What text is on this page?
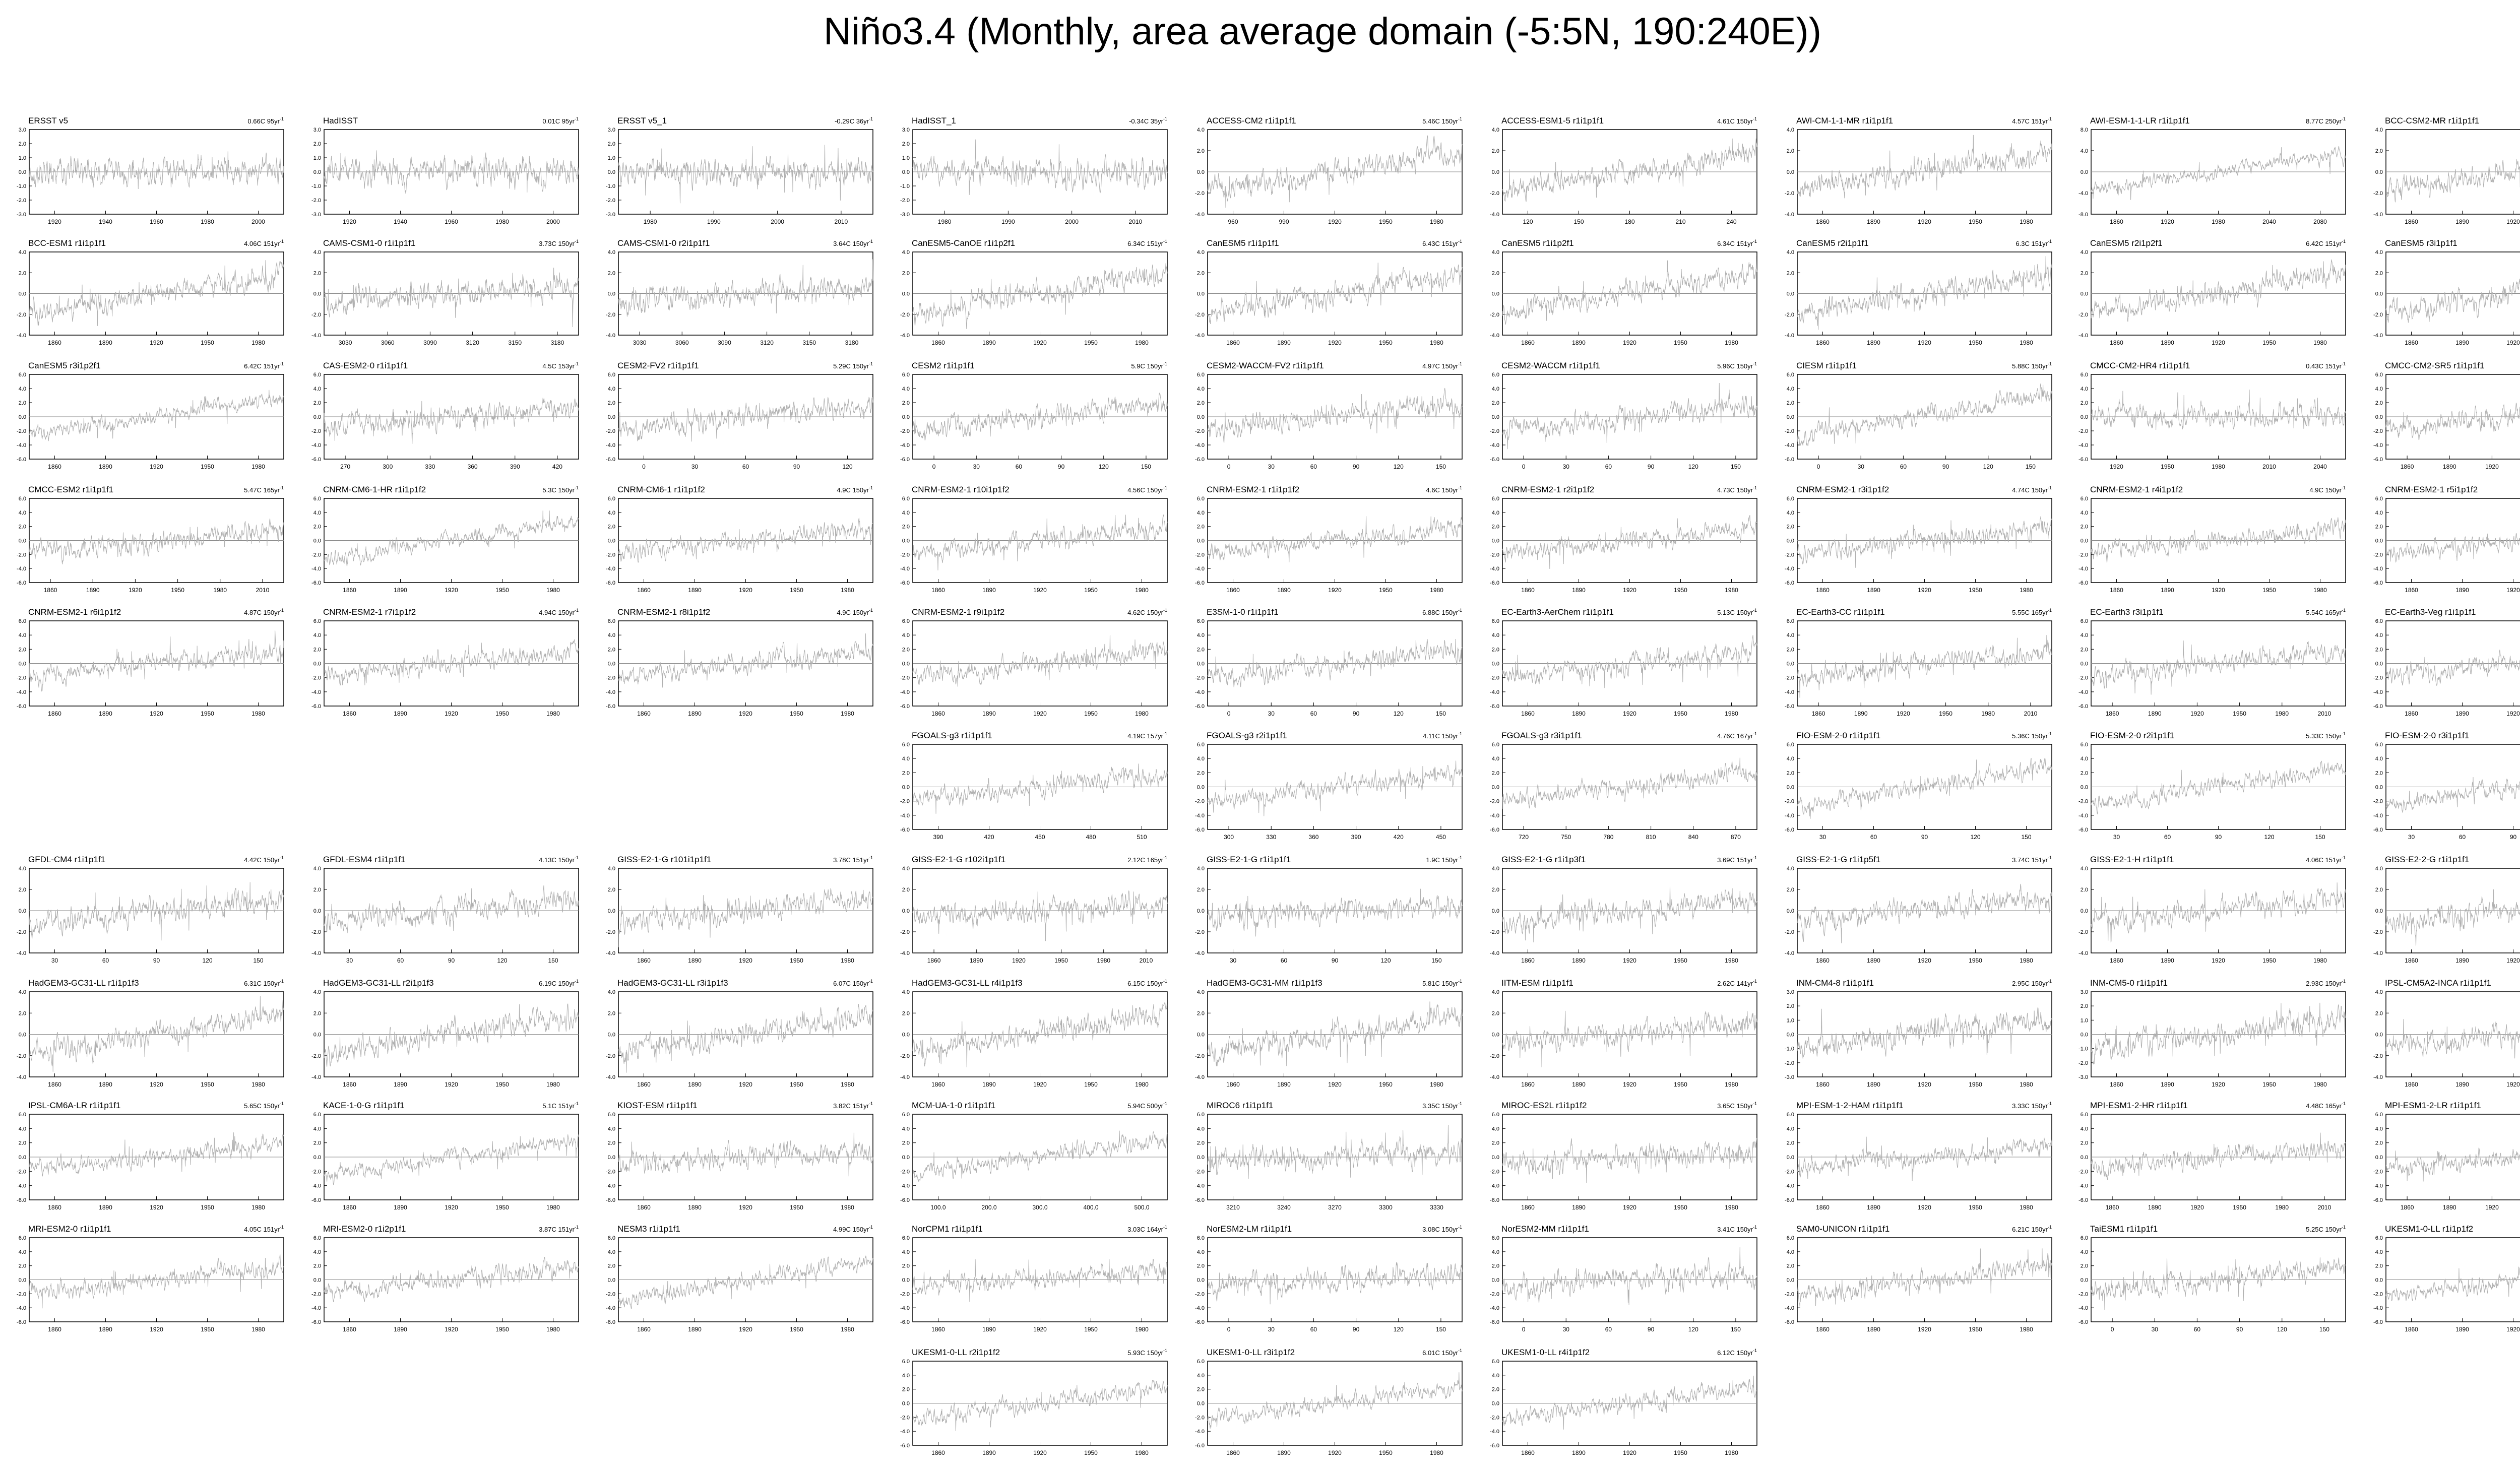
Niño3.4 (Monthly, area average domain (-5:5N, 190:240E))
ERSST v5	0.66C $95yr^{-1}$
3.0
2.0
1.0
0.0
-1.0
-2.0
-3.0
1920	1940	1960	1980	2000
HadISST	0.01C $95yr^{-1}$
3.0
2.0
1.0
0.0
-1.0
-2.0
-3.0
1920	1940	1960	1980	2000
ERSST v5_1	-0.29C $36yr^{-1}$
3.0
2.0
1.0
0.0
-1.0
-2.0
-3.0
1980	1990	2000	2010
HadISST_1	-0.34C $35yr^{-1}$
3.0
2.0
1.0
0.0
-1.0
-2.0
-3.0
1980	1990	2000	2010
ACCESS-CM2 r1i1p1f1	5.46C $150yr^{-1}$
4.0
2.0
0.0
-2.0
-4.0
960	990	1920	1950	1980
ACCESS-ESM1-5 r1i1p1f1	4.61C $150yr^{-1}$
4.0
2.0
0.0
-2.0
-4.0
120	150	180	210	240
AWI-CM-1-1-MR r1i1p1f1	4.57C $151yr^{-1}$
4.0
2.0
0.0
-2.0
-4.0
1860	1890	1920	1950	1980
AWI-ESM-1-1-LR r1i1p1f1	8.77C $250yr^{-1}$
8.0
4.0
0.0
-4.0
-8.0
1860	1920	1980	2040	2080
BCC-CSM2-MR r1i1p1f1
4.0
2.0
0.0
-2.0
-4.0
1860	1890	1920
BCC-ESM1 r1i1p1f1	4.06C $151yr^{-1}$
4.0
2.0
0.0
-2.0
-4.0
1860	1890	1920	1950	1980
CAMS-CSM1-0 r1i1p1f1	3.73C $150yr^{-1}$
4.0
2.0
0.0
-2.0
-4.0
3030	3060	3090	3120	3150	3180
CAMS-CSM1-0 r2i1p1f1	3.64C $150yr^{-1}$
4.0
2.0
0.0
-2.0
-4.0
3030	3060	3090	3120	3150	3180
CanESM5-CanOE r1i1p2f1	6.34C $151yr^{-1}$
4.0
2.0
0.0
-2.0
-4.0
1860	1890	1920	1950	1980
CanESM5 r1i1p1f1	6.43C $151yr^{-1}$
4.0
2.0
0.0
-2.0
-4.0
1860	1890	1920	1950	1980
CanESM5 r1i1p2f1	6.34C $151yr^{-1}$
4.0
2.0
0.0
-2.0
-4.0
1860	1890	1920	1950	1980
CanESM5 r2i1p1f1	6.3C $151yr^{-1}$
4.0
2.0
0.0
-2.0
-4.0
1860	1890	1920	1950	1980
CanESM5 r2i1p2f1	6.42C $151yr^{-1}$
4.0
2.0
0.0
-2.0
-4.0
1860	1890	1920	1950	1980
CanESM5 r3i1p1f1
4.0
2.0
0.0
-2.0
-4.0
1860	1890	1920
CanESM5 r3i1p2f1	6.42C $151yr^{-1}$
6.0
4.0
2.0
0.0
-2.0
-4.0
-6.0
1860	1890	1920	1950	1980
CAS-ESM2-0 r1i1p1f1	4.5C $153yr^{-1}$
6.0
4.0
2.0
0.0
-2.0
-4.0
-6.0
270	300	330	360	390	420
CESM2-FV2 r1i1p1f1	5.29C $150yr^{-1}$
6.0
4.0
2.0
0.0
-2.0
-4.0
-6.0
0	30	60	90	120
CESM2 r1i1p1f1	5.9C $150yr^{-1}$
6.0
4.0
2.0
0.0
-2.0
-4.0
-6.0
0	30	60	90	120	150
CESM2-WACCM-FV2 r1i1p1f1	4.97C $150yr^{-1}$
6.0
4.0
2.0
0.0
-2.0
-4.0
-6.0
0	30	60	90	120	150
CESM2-WACCM r1i1p1f1	5.96C $150yr^{-1}$
6.0
4.0
2.0
0.0
-2.0
-4.0
-6.0
0	30	60	90	120	150
CIESM r1i1p1f1	5.88C $150yr^{-1}$
6.0
4.0
2.0
0.0
-2.0
-4.0
-6.0
0	30	60	90	120	150
CMCC-CM2-HR4 r1i1p1f1	0.43C $151yr^{-1}$
6.0
4.0
2.0
0.0
-2.0
-4.0
-6.0
1920	1950	1980	2010	2040
CMCC-CM2-SR5 r1i1p1f1
6.0
4.0
2.0
0.0
-2.0
-4.0
-6.0
1860	1890	1920
CMCC-ESM2 r1i1p1f1	5.47C $165yr^{-1}$
6.0
4.0
2.0
0.0
-2.0
-4.0
-6.0
1860	1890	1920	1950	1980	2010
CNRM-CM6-1-HR r1i1p1f2	5.3C $150yr^{-1}$
6.0
4.0
2.0
0.0
-2.0
-4.0
-6.0
1860	1890	1920	1950	1980
CNRM-CM6-1 r1i1p1f2	4.9C $150yr^{-1}$
6.0
4.0
2.0
0.0
-2.0
-4.0
-6.0
1860	1890	1920	1950	1980
CNRM-ESM2-1 r10i1p1f2	4.56C $150yr^{-1}$
6.0
4.0
2.0
0.0
-2.0
-4.0
-6.0
1860	1890	1920	1950	1980
CNRM-ESM2-1 r1i1p1f2	4.6C $150yr^{-1}$
6.0
4.0
2.0
0.0
-2.0
-4.0
-6.0
1860	1890	1920	1950	1980
CNRM-ESM2-1 r2i1p1f2	4.73C $150yr^{-1}$
6.0
4.0
2.0
0.0
-2.0
-4.0
-6.0
1860	1890	1920	1950	1980
CNRM-ESM2-1 r3i1p1f2	4.74C $150yr^{-1}$
6.0
4.0
2.0
0.0
-2.0
-4.0
-6.0
1860	1890	1920	1950	1980
CNRM-ESM2-1 r4i1p1f2	4.9C $150yr^{-1}$
6.0
4.0
2.0
0.0
-2.0
-4.0
-6.0
1860	1890	1920	1950	1980
CNRM-ESM2-1 r5i1p1f2
6.0
4.0
2.0
0.0
-2.0
-4.0
-6.0
1860	1890	1920
CNRM-ESM2-1 r6i1p1f2	4.87C $150yr^{-1}$
6.0
4.0
2.0
0.0
-2.0
-4.0
-6.0
1860	1890	1920	1950	1980
CNRM-ESM2-1 r7i1p1f2	4.94C $150yr^{-1}$
6.0
4.0
2.0
0.0
-2.0
-4.0
-6.0
1860	1890	1920	1950	1980
CNRM-ESM2-1 r8i1p1f2	4.9C $150yr^{-1}$
6.0
4.0
2.0
0.0
-2.0
-4.0
-6.0
1860	1890	1920	1950	1980
CNRM-ESM2-1 r9i1p1f2	4.62C $150yr^{-1}$
6.0
4.0
2.0
0.0
-2.0
-4.0
-6.0
1860	1890	1920	1950	1980
E3SM-1-0 r1i1p1f1	6.88C $150yr^{-1}$
6.0
4.0
2.0
0.0
-2.0
-4.0
-6.0
0	30	60	90	120	150
EC-Earth3-AerChem r1i1p1f1	5.13C $150yr^{-1}$
6.0
4.0
2.0
0.0
-2.0
-4.0
-6.0
1860	1890	1920	1950	1980
EC-Earth3-CC r1i1p1f1	5.55C $165yr^{-1}$
6.0
4.0
2.0
0.0
-2.0
-4.0
-6.0
1860	1890	1920	1950	1980	2010
EC-Earth3 r3i1p1f1	5.54C $165yr^{-1}$
6.0
4.0
2.0
0.0
-2.0
-4.0
-6.0
1860	1890	1920	1950	1980	2010
EC-Earth3-Veg r1i1p1f1
6.0
4.0
2.0
0.0
-2.0
-4.0
-6.0
1860	1890	1920
FGOALS-g3 r1i1p1f1	4.19C $157yr^{-1}$
6.0
4.0
2.0
0.0
-2.0
-4.0
-6.0
390	420	450	480	510
FGOALS-g3 r2i1p1f1	4.11C $150yr^{-1}$
6.0
4.0
2.0
0.0
-2.0
-4.0
-6.0
300	330	360	390	420	450
FGOALS-g3 r3i1p1f1	4.76C $167yr^{-1}$
6.0
4.0
2.0
0.0
-2.0
-4.0
-6.0
720	750	780	810	840	870
FIO-ESM-2-0 r1i1p1f1	5.36C $150yr^{-1}$
6.0
4.0
2.0
0.0
-2.0
-4.0
-6.0
30	60	90	120	150
FIO-ESM-2-0 r2i1p1f1	5.33C $150yr^{-1}$
6.0
4.0
2.0
0.0
-2.0
-4.0
-6.0
30	60	90	120	150
FIO-ESM-2-0 r3i1p1f1
6.0
4.0
2.0
0.0
-2.0
-4.0
-6.0
30	60	90
GFDL-CM4 r1i1p1f1	4.42C $150yr^{-1}$
4.0
2.0
0.0
-2.0
-4.0
30	60	90	120	150
GFDL-ESM4 r1i1p1f1	4.13C $150yr^{-1}$
4.0
2.0
0.0
-2.0
-4.0
30	60	90	120	150
GISS-E2-1-G r101i1p1f1	3.78C $151yr^{-1}$
4.0
2.0
0.0
-2.0
-4.0
1860	1890	1920	1950	1980
GISS-E2-1-G r102i1p1f1	2.12C $165yr^{-1}$
4.0
2.0
0.0
-2.0
-4.0
1860	1890	1920	1950	1980	2010
GISS-E2-1-G r1i1p1f1	1.9C $150yr^{-1}$
4.0
2.0
0.0
-2.0
-4.0
30	60	90	120	150
GISS-E2-1-G r1i1p3f1	3.69C $151yr^{-1}$
4.0
2.0
0.0
-2.0
-4.0
1860	1890	1920	1950	1980
GISS-E2-1-G r1i1p5f1	3.74C $151yr^{-1}$
4.0
2.0
0.0
-2.0
-4.0
1860	1890	1920	1950	1980
GISS-E2-1-H r1i1p1f1	4.06C $151yr^{-1}$
4.0
2.0
0.0
-2.0
-4.0
1860	1890	1920	1950	1980
GISS-E2-2-G r1i1p1f1
4.0
2.0
0.0
-2.0
-4.0
1860	1890	1920
HadGEM3-GC31-LL r1i1p1f3	6.31C $150yr^{-1}$
4.0
2.0
0.0
-2.0
-4.0
1860	1890	1920	1950	1980
HadGEM3-GC31-LL r2i1p1f3	6.19C $150yr^{-1}$
4.0
2.0
0.0
-2.0
-4.0
1860	1890	1920	1950	1980
HadGEM3-GC31-LL r3i1p1f3	6.07C $150yr^{-1}$
4.0
2.0
0.0
-2.0
-4.0
1860	1890	1920	1950	1980
HadGEM3-GC31-LL r4i1p1f3	6.15C $150yr^{-1}$
4.0
2.0
0.0
-2.0
-4.0
1860	1890	1920	1950	1980
HadGEM3-GC31-MM r1i1p1f3	5.81C $150yr^{-1}$
4.0
2.0
0.0
-2.0
-4.0
1860	1890	1920	1950	1980
IITM-ESM r1i1p1f1	2.62C $141yr^{-1}$
4.0
2.0
0.0
-2.0
-4.0
1860	1890	1920	1950	1980
INM-CM4-8 r1i1p1f1	2.95C $150yr^{-1}$
3.0
2.0
1.0
0.0
-1.0
-2.0
-3.0
1860	1890	1920	1950	1980
INM-CM5-0 r1i1p1f1	2.93C $150yr^{-1}$
3.0
2.0
1.0
0.0
-1.0
-2.0
-3.0
1860	1890	1920	1950	1980
IPSL-CM5A2-INCA r1i1p1f1
4.0
2.0
0.0
-2.0
-4.0
1860	1890	1920
IPSL-CM6A-LR r1i1p1f1	5.65C $150yr^{-1}$
6.0
4.0
2.0
0.0
-2.0
-4.0
-6.0
1860	1890	1920	1950	1980
KACE-1-0-G r1i1p1f1	5.1C $151yr^{-1}$
6.0
4.0
2.0
0.0
-2.0
-4.0
-6.0
1860	1890	1920	1950	1980
KIOST-ESM r1i1p1f1	3.82C $151yr^{-1}$
6.0
4.0
2.0
0.0
-2.0
-4.0
-6.0
1860	1890	1920	1950	1980
MCM-UA-1-0 r1i1p1f1	5.94C $500yr^{-1}$
6.0
4.0
2.0
0.0
-2.0
-4.0
-6.0
100.0	200.0	300.0	400.0	500.0
MIROC6 r1i1p1f1	3.35C $150yr^{-1}$
6.0
4.0
2.0
0.0
-2.0
-4.0
-6.0
3210	3240	3270	3300	3330
MIROC-ES2L r1i1p1f2	3.65C $150yr^{-1}$
6.0
4.0
2.0
0.0
-2.0
-4.0
-6.0
1860	1890	1920	1950	1980
MPI-ESM-1-2-HAM r1i1p1f1	3.33C $150yr^{-1}$
6.0
4.0
2.0
0.0
-2.0
-4.0
-6.0
1860	1890	1920	1950	1980
MPI-ESM1-2-HR r1i1p1f1	4.48C $165yr^{-1}$
6.0
4.0
2.0
0.0
-2.0
-4.0
-6.0
1860	1890	1920	1950	1980	2010
MPI-ESM1-2-LR r1i1p1f1
6.0
4.0
2.0
0.0
-2.0
-4.0
-6.0
1860	1890	1920
MRI-ESM2-0 r1i1p1f1	4.05C $151yr^{-1}$
6.0
4.0
2.0
0.0
-2.0
-4.0
-6.0
1860	1890	1920	1950	1980
MRI-ESM2-0 r1i2p1f1	3.87C $151yr^{-1}$
6.0
4.0
2.0
0.0
-2.0
-4.0
-6.0
1860	1890	1920	1950	1980
NESM3 r1i1p1f1	4.99C $150yr^{-1}$
6.0
4.0
2.0
0.0
-2.0
-4.0
-6.0
1860	1890	1920	1950	1980
NorCPM1 r1i1p1f1	3.03C $164yr^{-1}$
6.0
4.0
2.0
0.0
-2.0
-4.0
-6.0
1860	1890	1920	1950	1980
NorESM2-LM r1i1p1f1	3.08C $150yr^{-1}$
6.0
4.0
2.0
0.0
-2.0
-4.0
-6.0
0	30	60	90	120	150
NorESM2-MM r1i1p1f1	3.41C $150yr^{-1}$
6.0
4.0
2.0
0.0
-2.0
-4.0
-6.0
0	30	60	90	120	150
SAM0-UNICON r1i1p1f1	6.21C $150yr^{-1}$
6.0
4.0
2.0
0.0
-2.0
-4.0
-6.0
1860	1890	1920	1950	1980
TaiESM1 r1i1p1f1	5.25C $150yr^{-1}$
6.0
4.0
2.0
0.0
-2.0
-4.0
-6.0
0	30	60	90	120	150
UKESM1-0-LL r1i1p1f2
6.0
4.0
2.0
0.0
-2.0
-4.0
-6.0
1860	1890	1920
UKESM1-0-LL r2i1p1f2	5.93C $150yr^{-1}$
6.0
4.0
2.0
0.0
-2.0
-4.0
-6.0
1860	1890	1920	1950	1980
UKESM1-0-LL r3i1p1f2	6.01C $150yr^{-1}$
6.0
4.0
2.0
0.0
-2.0
-4.0
-6.0
1860	1890	1920	1950	1980
UKESM1-0-LL r4i1p1f2	6.12C $150yr^{-1}$
6.0
4.0
2.0
0.0
-2.0
-4.0
-6.0
1860	1890	1920	1950	1980
